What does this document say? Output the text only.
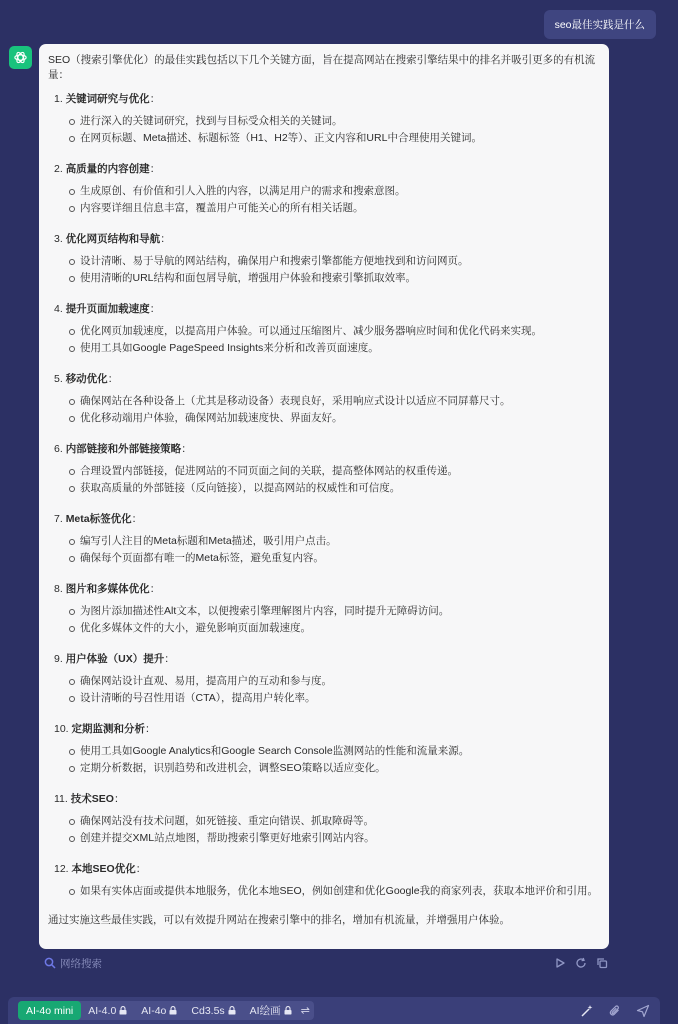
seo最佳实践是什么

SEO（搜索引擎优化）的最佳实践包括以下几个关键方面，旨在提高网站在搜索引擎结果中的排名并吸引更多的有机流量：

1. 关键词研究与优化：
进行深入的关键词研究，找到与目标受众相关的关键词。
在网页标题、Meta描述、标题标签（H1、H2等）、正文内容和URL中合理使用关键词。
2. 高质量的内容创建：
生成原创、有价值和引人入胜的内容，以满足用户的需求和搜索意图。
内容要详细且信息丰富，覆盖用户可能关心的所有相关话题。
3. 优化网页结构和导航：
设计清晰、易于导航的网站结构，确保用户和搜索引擎都能方便地找到和访问网页。
使用清晰的URL结构和面包屑导航，增强用户体验和搜索引擎抓取效率。
4. 提升页面加载速度：
优化网页加载速度，以提高用户体验。可以通过压缩图片、减少服务器响应时间和优化代码来实现。
使用工具如Google PageSpeed Insights来分析和改善页面速度。
5. 移动优化：
确保网站在各种设备上（尤其是移动设备）表现良好，采用响应式设计以适应不同屏幕尺寸。
优化移动端用户体验，确保网站加载速度快、界面友好。
6. 内部链接和外部链接策略：
合理设置内部链接，促进网站的不同页面之间的关联，提高整体网站的权重传递。
获取高质量的外部链接（反向链接），以提高网站的权威性和可信度。
7. Meta标签优化：
编写引人注目的Meta标题和Meta描述，吸引用户点击。
确保每个页面都有唯一的Meta标签，避免重复内容。
8. 图片和多媒体优化：
为图片添加描述性Alt文本，以便搜索引擎理解图片内容，同时提升无障碍访问。
优化多媒体文件的大小，避免影响页面加载速度。
9. 用户体验（UX）提升：
确保网站设计直观、易用，提高用户的互动和参与度。
设计清晰的号召性用语（CTA），提高用户转化率。
10. 定期监测和分析：
使用工具如Google Analytics和Google Search Console监测网站的性能和流量来源。
定期分析数据，识别趋势和改进机会，调整SEO策略以适应变化。
11. 技术SEO：
确保网站没有技术问题，如死链接、重定向错误、抓取障碍等。
创建并提交XML站点地图，帮助搜索引擎更好地索引网站内容。
12. 本地SEO优化：
如果有实体店面或提供本地服务，优化本地SEO，例如创建和优化Google我的商家列表，获取本地评价和引用。

通过实施这些最佳实践，可以有效提升网站在搜索引擎中的排名，增加有机流量，并增强用户体验。

网络搜索
AI-4o mini AI-4.0 AI-4o Cd3.5s AI绘画 ⇌
